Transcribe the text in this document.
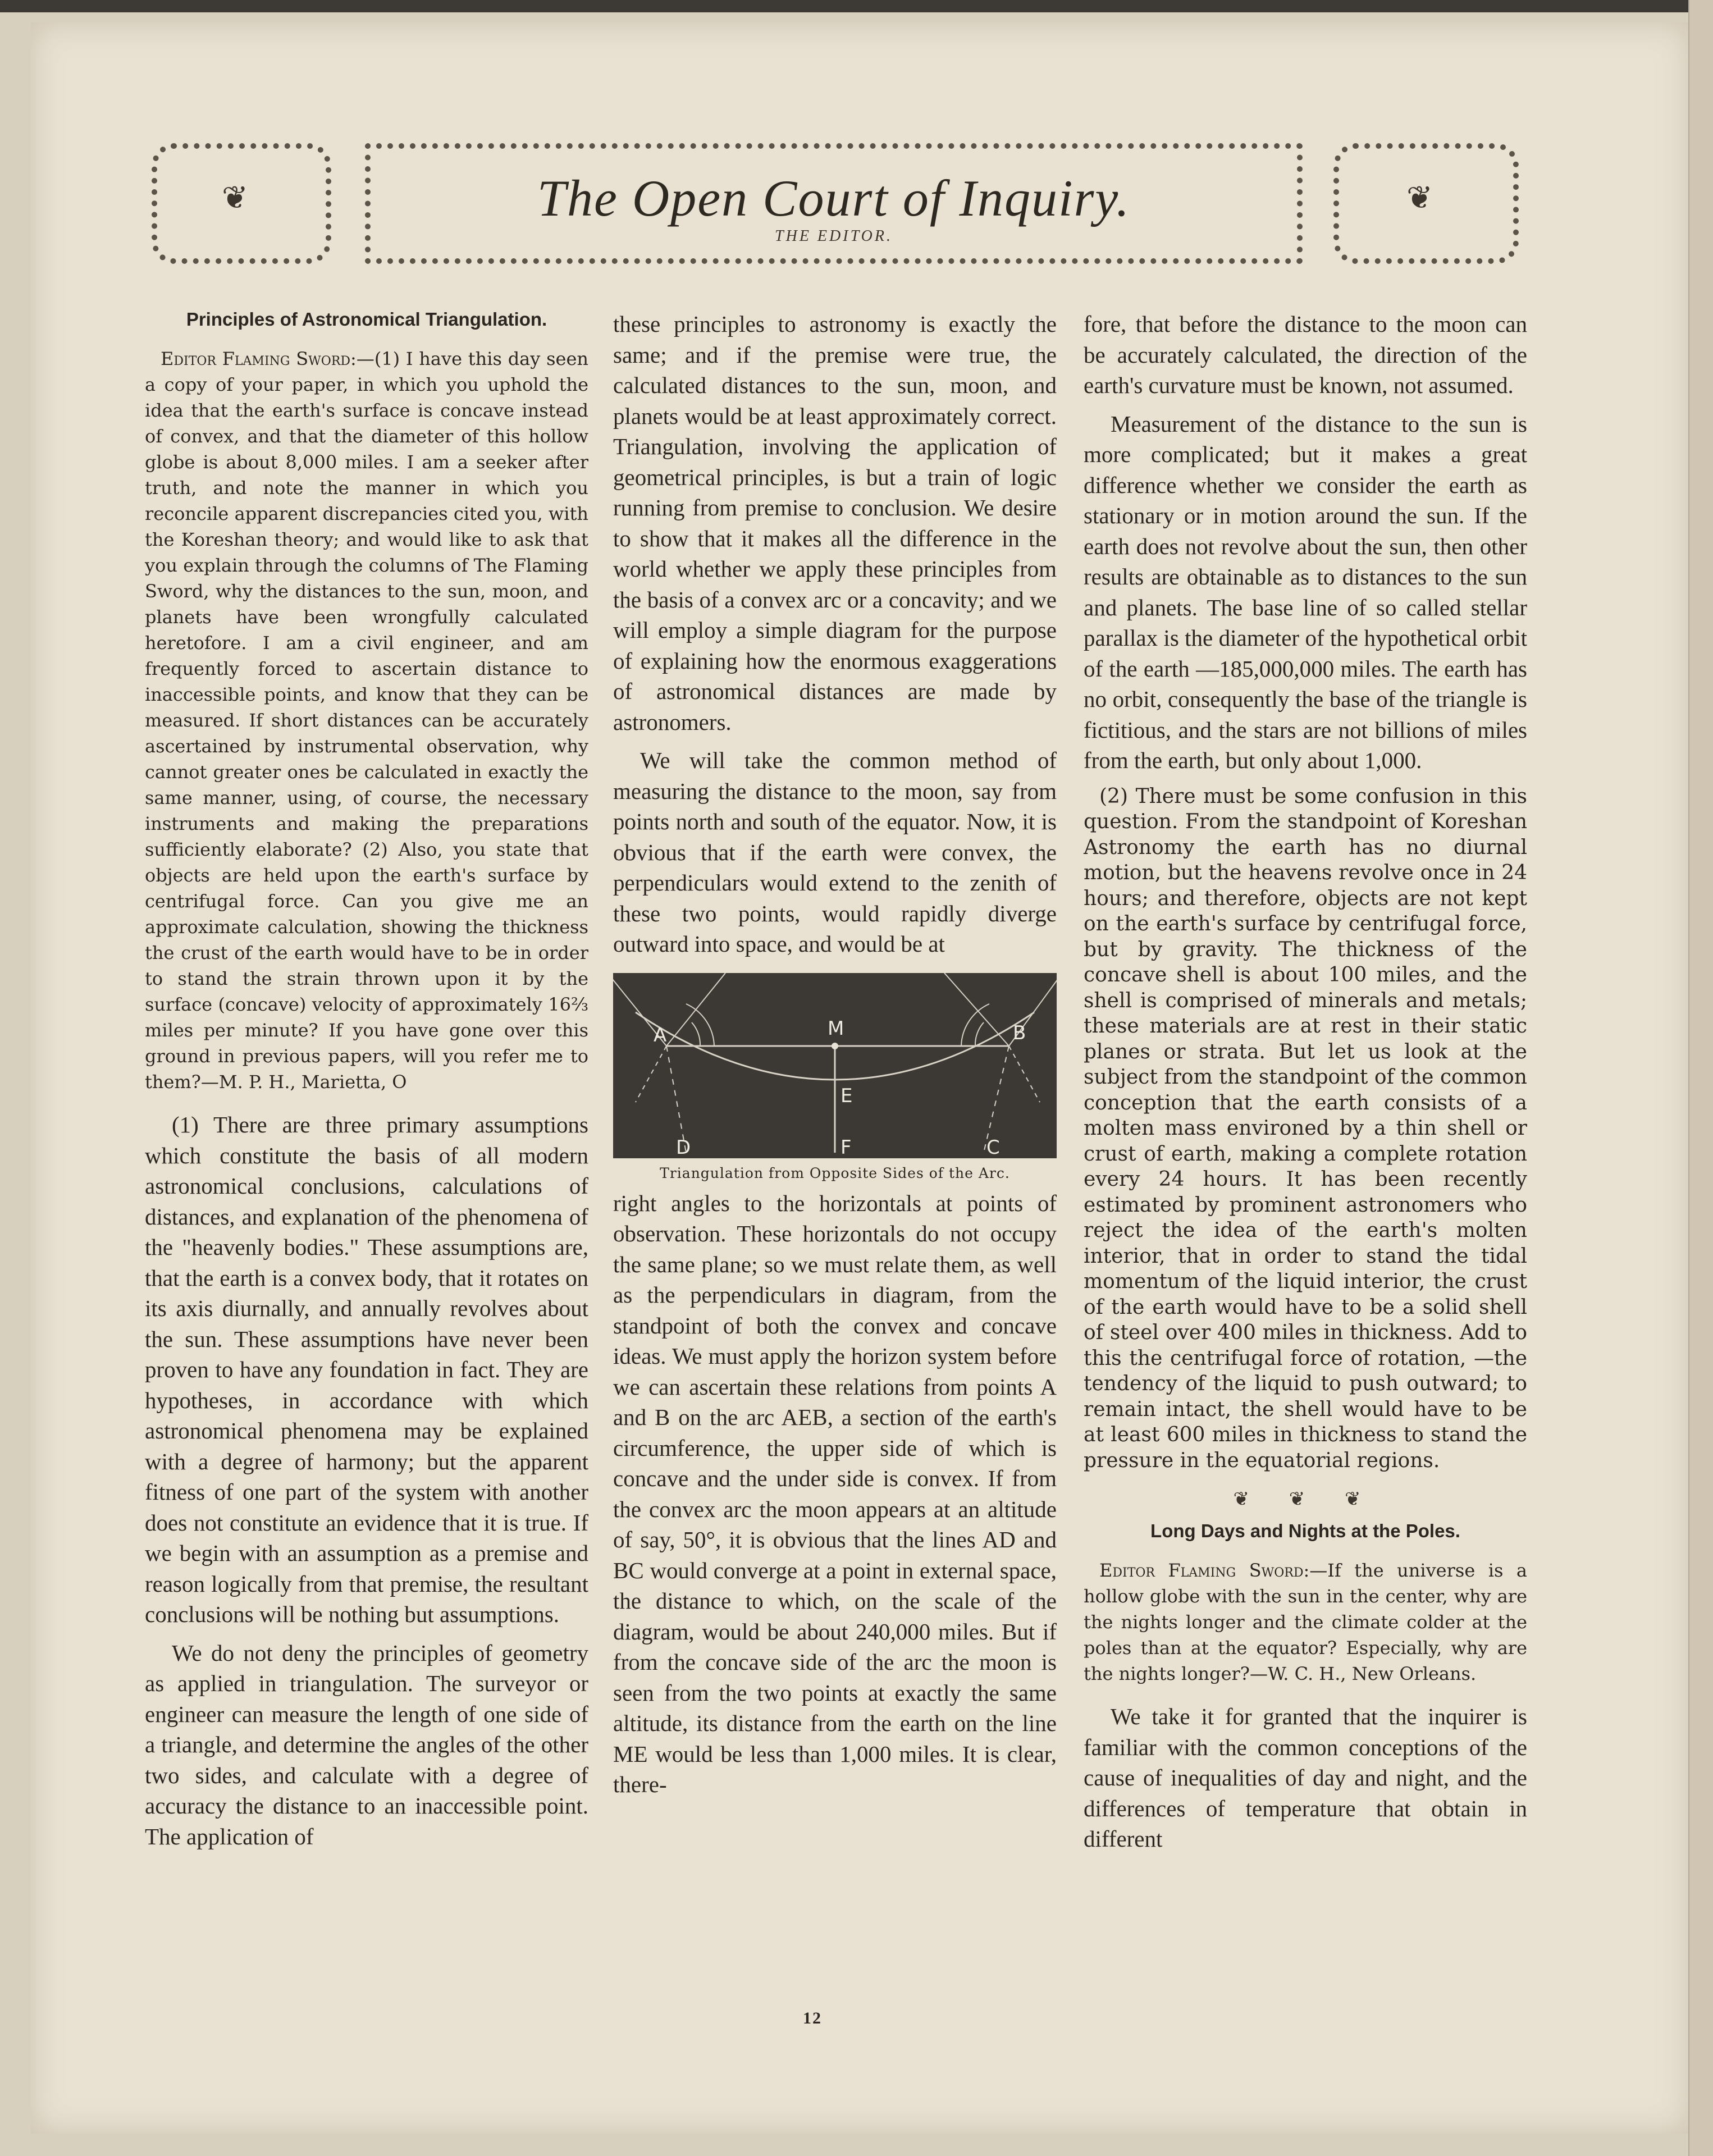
❦	❦
The Open Court of Inquiry.
THE EDITOR.
Principles of Astronomical Triangulation.

Editor Flaming Sword:—(1) I have this day seen a copy of your paper, in which you uphold the idea that the earth's surface is concave instead of convex, and that the diameter of this hollow globe is about 8,000 miles. I am a seeker after truth, and note the manner in which you reconcile apparent discrepancies cited you, with the Koreshan theory; and would like to ask that you explain through the columns of The Flaming Sword, why the distances to the sun, moon, and planets have been wrongfully calculated heretofore. I am a civil engineer, and am frequently forced to ascertain distance to inaccessible points, and know that they can be measured. If short distances can be accurately ascertained by instrumental observation, why cannot greater ones be calculated in exactly the same manner, using, of course, the necessary instruments and making the preparations sufficiently elaborate? (2) Also, you state that objects are held upon the earth's surface by centrifugal force. Can you give me an approximate calculation, showing the thickness the crust of the earth would have to be in order to stand the strain thrown upon it by the surface (concave) velocity of approximately 16⅔ miles per minute? If you have gone over this ground in previous papers, will you refer me to them?—M. P. H., Marietta, O

(1) There are three primary assumptions which constitute the basis of all modern astronomical conclusions, calculations of distances, and explanation of the phenomena of the "heavenly bodies." These assumptions are, that the earth is a convex body, that it rotates on its axis diurnally, and annually revolves about the sun. These assumptions have never been proven to have any foundation in fact. They are hypotheses, in accordance with which astronomical phenomena may be explained with a degree of harmony; but the apparent fitness of one part of the system with another does not constitute an evidence that it is true. If we begin with an assumption as a premise and reason logically from that premise, the resultant conclusions will be nothing but assumptions.

We do not deny the principles of geometry as applied in triangulation. The surveyor or engineer can measure the length of one side of a triangle, and determine the angles of the other two sides, and calculate with a degree of accuracy the distance to an inaccessible point. The application of

these principles to astronomy is exactly the same; and if the premise were true, the calculated distances to the sun, moon, and planets would be at least approximately correct. Triangulation, involving the application of geometrical principles, is but a train of logic running from premise to conclusion. We desire to show that it makes all the difference in the world whether we apply these principles from the basis of a convex arc or a concavity; and we will employ a simple diagram for the purpose of explaining how the enormous exaggerations of astronomical distances are made by astronomers.

We will take the common method of measuring the distance to the moon, say from points north and south of the equator. Now, it is obvious that if the earth were convex, the perpendiculars would extend to the zenith of these two points, would rapidly diverge outward into space, and would be at

A	B
M
E
D	F	C
Triangulation from Opposite Sides of the Arc.

right angles to the horizontals at points of observation. These horizontals do not occupy the same plane; so we must relate them, as well as the perpendiculars in diagram, from the standpoint of both the convex and concave ideas. We must apply the horizon system before we can ascertain these relations from points A and B on the arc AEB, a section of the earth's circumference, the upper side of which is concave and the under side is convex. If from the convex arc the moon appears at an altitude of say, 50°, it is obvious that the lines AD and BC would converge at a point in external space, the distance to which, on the scale of the diagram, would be about 240,000 miles. But if from the concave side of the arc the moon is seen from the two points at exactly the same altitude, its distance from the earth on the line ME would be less than 1,000 miles. It is clear, there-

fore, that before the distance to the moon can be accurately calculated, the direction of the earth's curvature must be known, not assumed.

Measurement of the distance to the sun is more complicated; but it makes a great difference whether we consider the earth as stationary or in motion around the sun. If the earth does not revolve about the sun, then other results are obtainable as to distances to the sun and planets. The base line of so called stellar parallax is the diameter of the hypothetical orbit of the earth —185,000,000 miles. The earth has no orbit, consequently the base of the triangle is fictitious, and the stars are not billions of miles from the earth, but only about 1,000.

(2) There must be some confusion in this question. From the standpoint of Koreshan Astronomy the earth has no diurnal motion, but the heavens revolve once in 24 hours; and therefore, objects are not kept on the earth's surface by centrifugal force, but by gravity. The thickness of the concave shell is about 100 miles, and the shell is comprised of minerals and metals; these materials are at rest in their static planes or strata. But let us look at the subject from the standpoint of the common conception that the earth consists of a molten mass environed by a thin shell or crust of earth, making a complete rotation every 24 hours. It has been recently estimated by prominent astronomers who reject the idea of the earth's molten interior, that in order to stand the tidal momentum of the liquid interior, the crust of the earth would have to be a solid shell of steel over 400 miles in thickness. Add to this the centrifugal force of rotation, —the tendency of the liquid to push outward; to remain intact, the shell would have to be at least 600 miles in thickness to stand the pressure in the equatorial regions.

❦ ❦ ❦
Long Days and Nights at the Poles.

Editor Flaming Sword:—If the universe is a hollow globe with the sun in the center, why are the nights longer and the climate colder at the poles than at the equator? Especially, why are the nights longer?—W. C. H., New Orleans.

We take it for granted that the inquirer is familiar with the common conceptions of the cause of inequalities of day and night, and the differences of temperature that obtain in different

12
